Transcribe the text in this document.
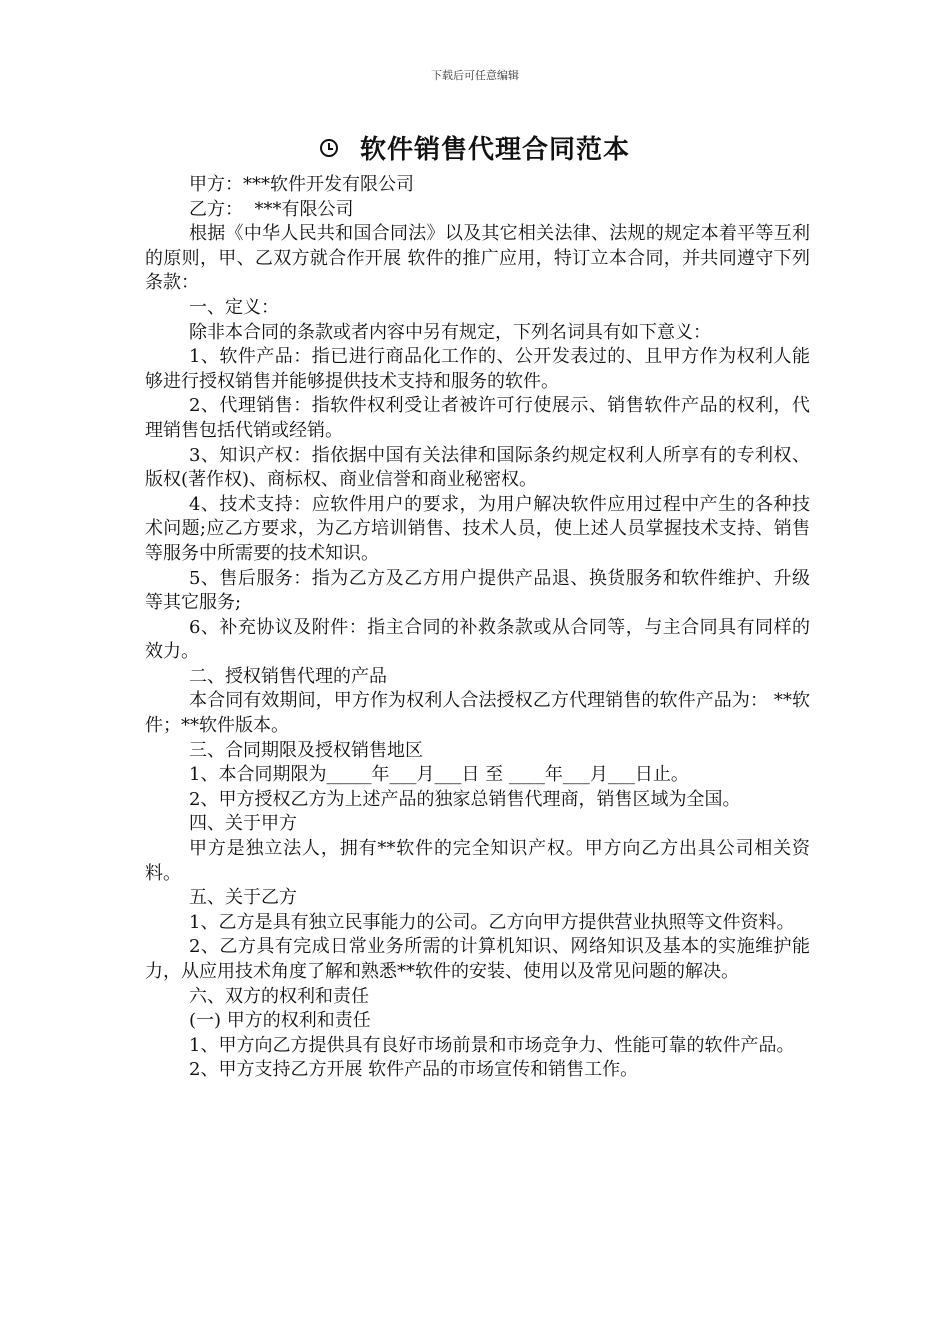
下载后可任意编辑
软件销售代理合同范本

甲方：***软件开发有限公司

乙方：  ***有限公司

根据《中华人民共和国合同法》以及其它相关法律、法规的规定本着平等互利的原则，甲、乙双方就合作开展 软件的推广应用，特订立本合同，并共同遵守下列条款：

一、定义：

除非本合同的条款或者内容中另有规定，下列名词具有如下意义：

1、软件产品：指已进行商品化工作的、公开发表过的、且甲方作为权利人能够进行授权销售并能够提供技术支持和服务的软件。

2、代理销售：指软件权利受让者被许可行使展示、销售软件产品的权利，代理销售包括代销或经销。

3、知识产权：指依据中国有关法律和国际条约规定权利人所享有的专利权、版权(著作权)、商标权、商业信誉和商业秘密权。

4、技术支持：应软件用户的要求，为用户解决软件应用过程中产生的各种技术问题;应乙方要求，为乙方培训销售、技术人员，使上述人员掌握技术支持、销售等服务中所需要的技术知识。

5、售后服务：指为乙方及乙方用户提供产品退、换货服务和软件维护、升级等其它服务;

6、补充协议及附件：指主合同的补救条款或从合同等，与主合同具有同样的效力。

二、授权销售代理的产品

本合同有效期间，甲方作为权利人合法授权乙方代理销售的软件产品为： **软件；**软件版本。

三、合同期限及授权销售地区

1、本合同期限为_____年___月___日 至 ____年___月___日止。

2、甲方授权乙方为上述产品的独家总销售代理商，销售区域为全国。

四、关于甲方

甲方是独立法人，拥有**软件的完全知识产权。甲方向乙方出具公司相关资料。

五、关于乙方

1、乙方是具有独立民事能力的公司。乙方向甲方提供营业执照等文件资料。

2、乙方具有完成日常业务所需的计算机知识、网络知识及基本的实施维护能力，从应用技术角度了解和熟悉**软件的安装、使用以及常见问题的解决。

六、双方的权利和责任

(一) 甲方的权利和责任

1、甲方向乙方提供具有良好市场前景和市场竞争力、性能可靠的软件产品。

2、甲方支持乙方开展 软件产品的市场宣传和销售工作。
